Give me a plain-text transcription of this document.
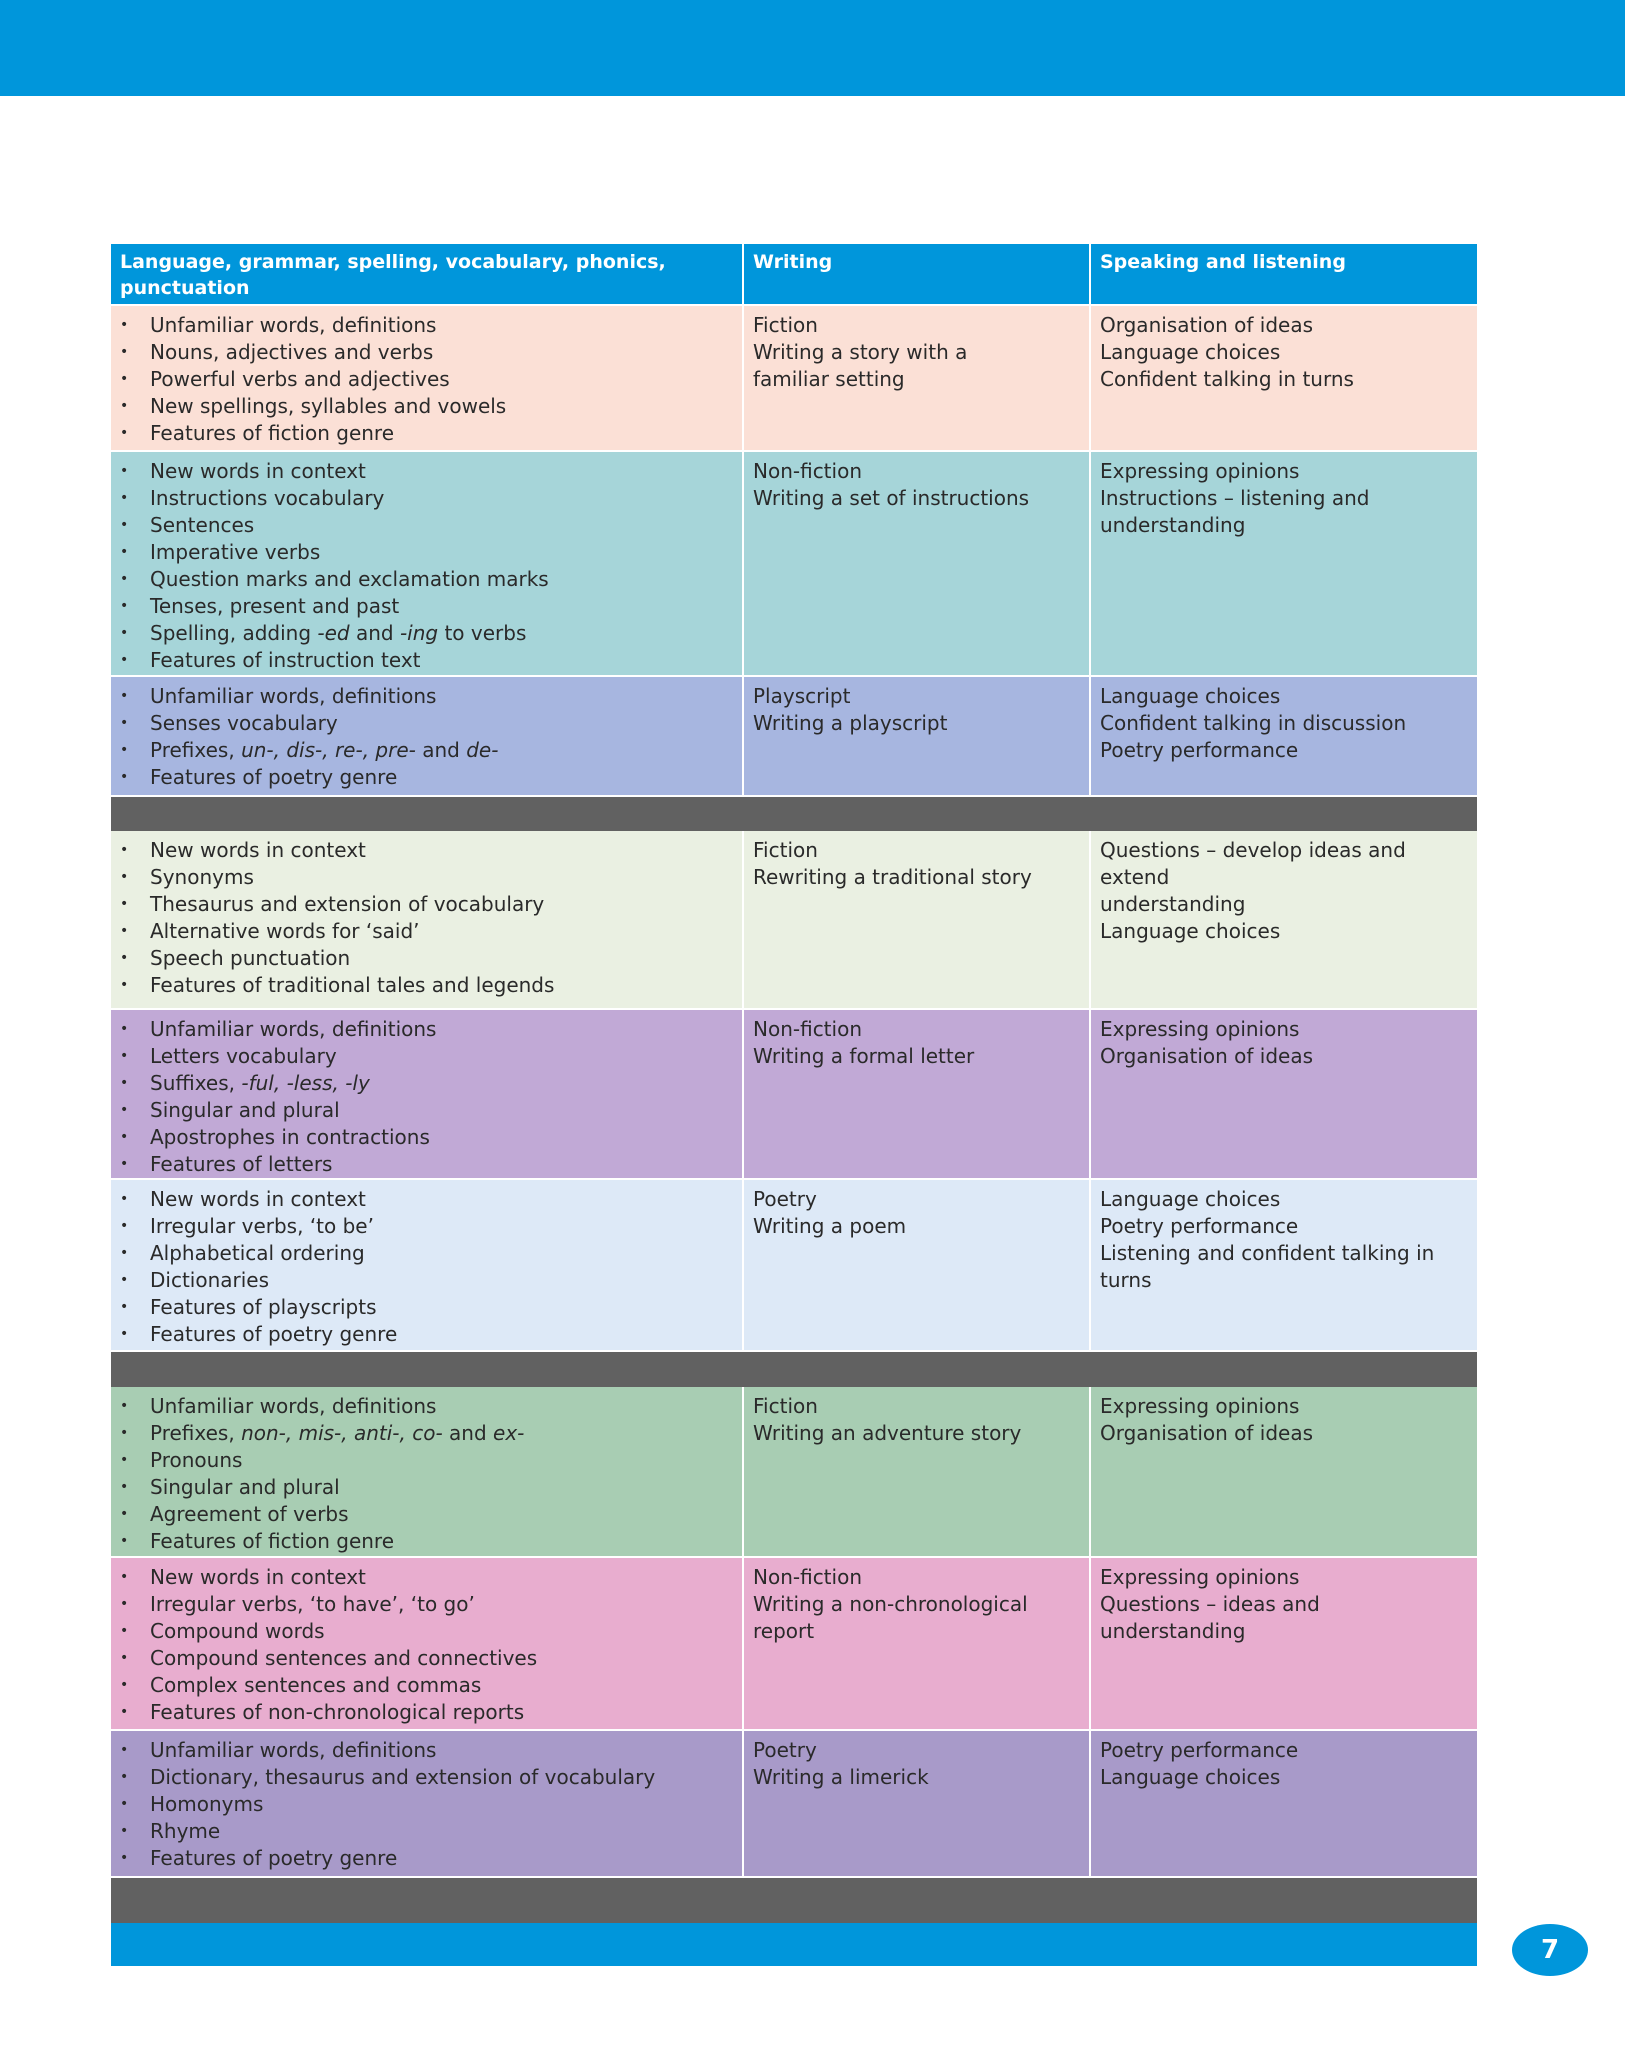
Language, grammar, spelling, vocabulary, phonics, punctuation
Writing	Speaking and listening
• Unfamiliar words, definitions
• Nouns, adjectives and verbs
• Powerful verbs and adjectives
• New spellings, syllables and vowels
• Features of fiction genre
Fiction
Writing a story with a
familiar setting
Organisation of ideas
Language choices
Confident talking in turns
• New words in context
• Instructions vocabulary
• Sentences
• Imperative verbs
• Question marks and exclamation marks
• Tenses, present and past
• Spelling, adding -ed and -ing to verbs
• Features of instruction text
Non-fiction
Writing a set of instructions
Expressing opinions
Instructions – listening and
understanding
• Unfamiliar words, definitions
• Senses vocabulary
• Prefixes, un-, dis-, re-, pre- and de-
• Features of poetry genre
Playscript
Writing a playscript
Language choices
Confident talking in discussion
Poetry performance
• New words in context
• Synonyms
• Thesaurus and extension of vocabulary
• Alternative words for ‘said’
• Speech punctuation
• Features of traditional tales and legends
Fiction
Rewriting a traditional story
Questions – develop ideas and extend
understanding
Language choices
• Unfamiliar words, definitions
• Letters vocabulary
• Suffixes, -ful, -less, -ly
• Singular and plural
• Apostrophes in contractions
• Features of letters
Non-fiction
Writing a formal letter
Expressing opinions
Organisation of ideas
• New words in context
• Irregular verbs, ‘to be’
• Alphabetical ordering
• Dictionaries
• Features of playscripts
• Features of poetry genre
Poetry
Writing a poem
Language choices
Poetry performance
Listening and confident talking in
turns
• Unfamiliar words, definitions
• Prefixes, non-, mis-, anti-, co- and ex-
• Pronouns
• Singular and plural
• Agreement of verbs
• Features of fiction genre
Fiction
Writing an adventure story
Expressing opinions
Organisation of ideas
• New words in context
• Irregular verbs, ‘to have’, ‘to go’
• Compound words
• Compound sentences and connectives
• Complex sentences and commas
• Features of non-chronological reports
Non-fiction
Writing a non-chronological
report
Expressing opinions
Questions – ideas and understanding
• Unfamiliar words, definitions
• Dictionary, thesaurus and extension of vocabulary
• Homonyms
• Rhyme
• Features of poetry genre
Poetry
Writing a limerick
Poetry performance
Language choices
7
